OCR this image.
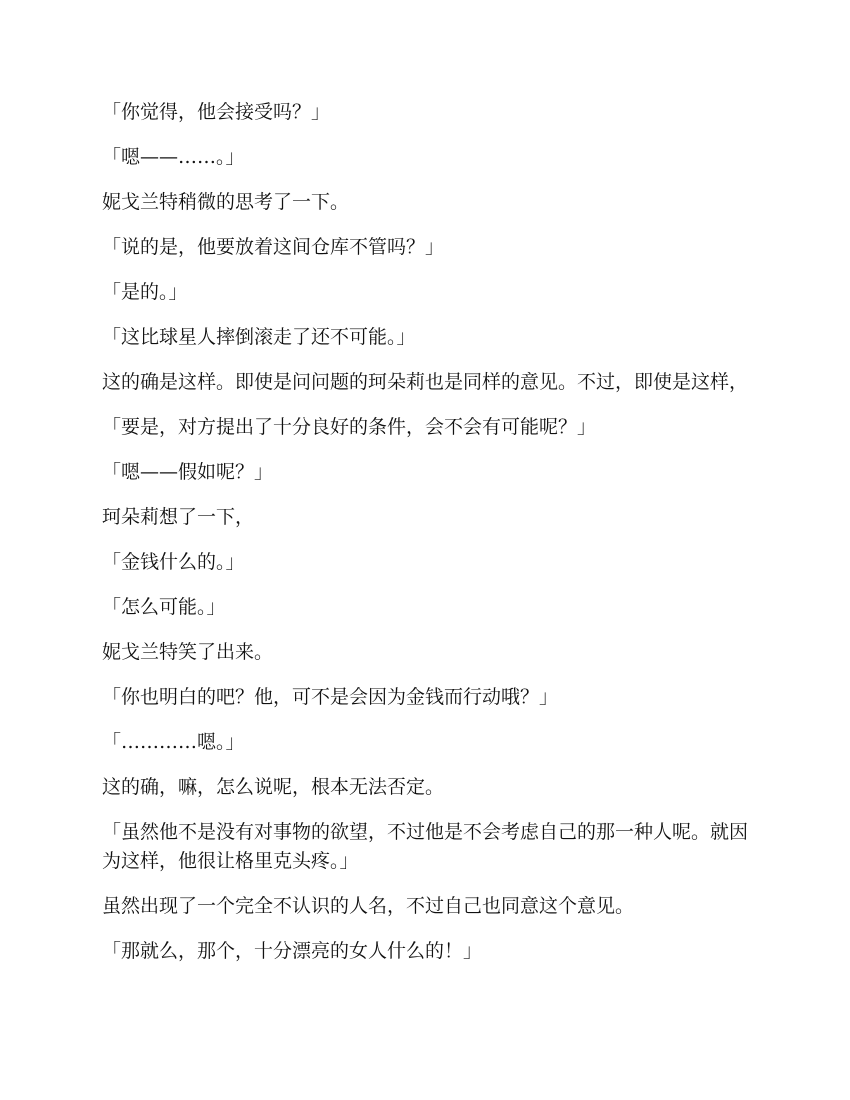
「你觉得，他会接受吗？」

「嗯——……。」

妮戈兰特稍微的思考了一下。

「说的是，他要放着这间仓库不管吗？」

「是的。」

「这比球星人摔倒滚走了还不可能。」

这的确是这样。即使是问问题的珂朵莉也是同样的意见。不过，即使是这样，

「要是，对方提出了十分良好的条件，会不会有可能呢？」

「嗯——假如呢？」

珂朵莉想了一下，

「金钱什么的。」

「怎么可能。」

妮戈兰特笑了出来。

「你也明白的吧？他，可不是会因为金钱而行动哦？」

「…………嗯。」

这的确，嘛，怎么说呢，根本无法否定。

「虽然他不是没有对事物的欲望，不过他是不会考虑自己的那一种人呢。就因为这样，他很让格里克头疼。」

虽然出现了一个完全不认识的人名，不过自己也同意这个意见。

「那就么，那个，十分漂亮的女人什么的！」
